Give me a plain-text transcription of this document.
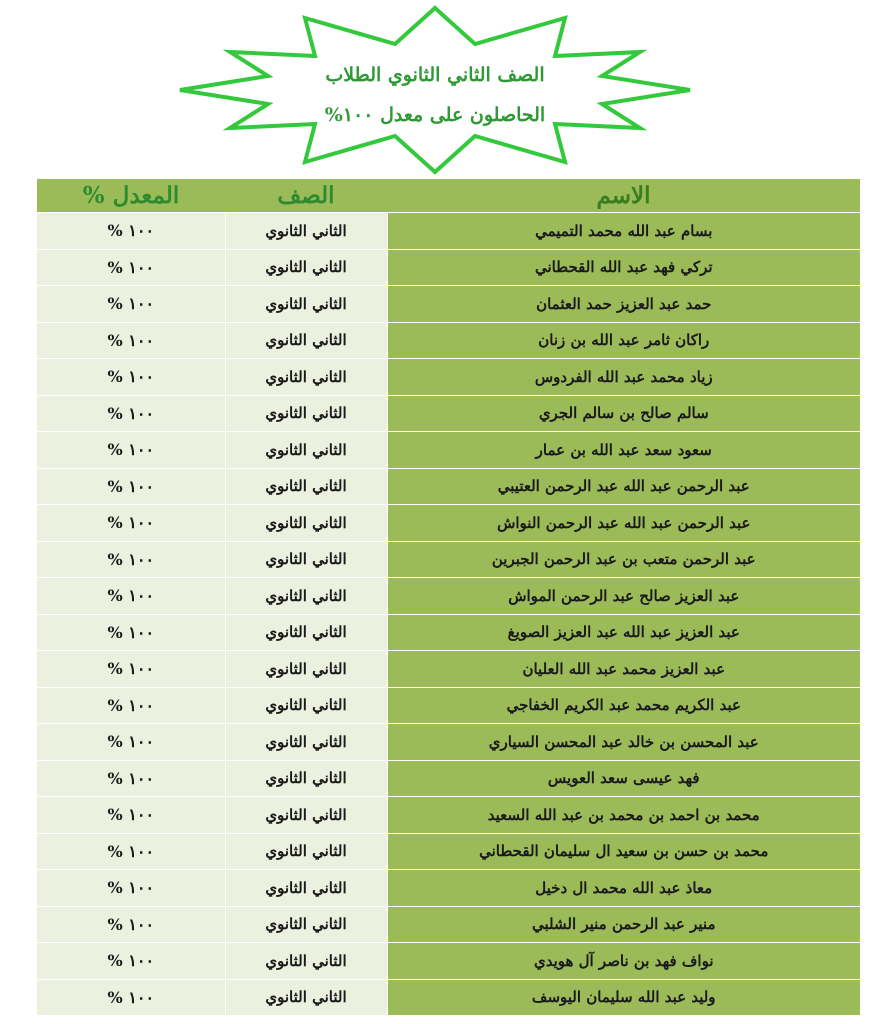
الصف الثاني الثانوي الطلاب
الحاصلون على معدل ١٠٠%
المعدل %	الصف	الاسم
١٠٠ %	الثاني الثانوي	بسام عبد الله محمد التميمي
١٠٠ %	الثاني الثانوي	تركي فهد عبد الله القحطاني
١٠٠ %	الثاني الثانوي	حمد عبد العزيز حمد العثمان
١٠٠ %	الثاني الثانوي	راكان ثامر عبد الله بن زنان
١٠٠ %	الثاني الثانوي	زياد محمد عبد الله الفردوس
١٠٠ %	الثاني الثانوي	سالم صالح بن سالم الجري
١٠٠ %	الثاني الثانوي	سعود سعد عبد الله بن عمار
١٠٠ %	الثاني الثانوي	عبد الرحمن عبد الله عبد الرحمن العتيبي
١٠٠ %	الثاني الثانوي	عبد الرحمن عبد الله عبد الرحمن النواش
١٠٠ %	الثاني الثانوي	عبد الرحمن متعب بن عبد الرحمن الجبرين
١٠٠ %	الثاني الثانوي	عبد العزيز صالح عبد الرحمن المواش
١٠٠ %	الثاني الثانوي	عبد العزيز عبد الله عبد العزيز الصويغ
١٠٠ %	الثاني الثانوي	عبد العزيز محمد عبد الله العليان
١٠٠ %	الثاني الثانوي	عبد الكريم محمد عبد الكريم الخفاجي
١٠٠ %	الثاني الثانوي	عبد المحسن بن خالد عبد المحسن السياري
١٠٠ %	الثاني الثانوي	فهد عيسى سعد العويس
١٠٠ %	الثاني الثانوي	محمد بن احمد بن محمد بن عبد الله السعيد
١٠٠ %	الثاني الثانوي	محمد بن حسن بن سعيد ال سليمان القحطاني
١٠٠ %	الثاني الثانوي	معاذ عبد الله محمد ال دخيل
١٠٠ %	الثاني الثانوي	منير عبد الرحمن منير الشلبي
١٠٠ %	الثاني الثانوي	نواف فهد بن ناصر آل هويدي
١٠٠ %	الثاني الثانوي	وليد عبد الله سليمان اليوسف
